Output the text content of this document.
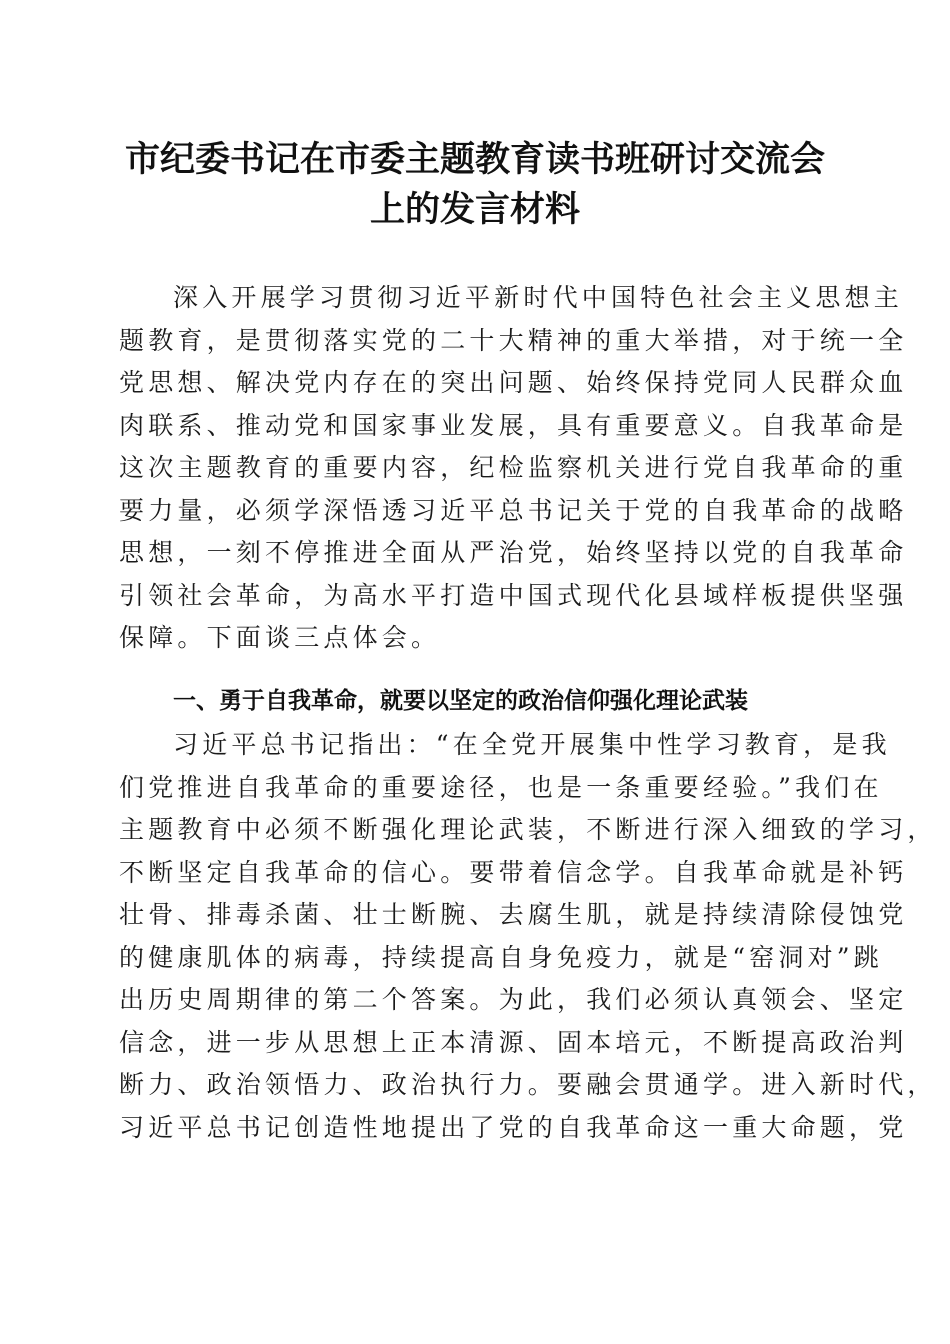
市纪委书记在市委主题教育读书班研讨交流会
上的发言材料
深入开展学习贯彻习近平新时代中国特色社会主义思想主
题教育，是贯彻落实党的二十大精神的重大举措，对于统一全
党思想、解决党内存在的突出问题、始终保持党同人民群众血
肉联系、推动党和国家事业发展，具有重要意义。自我革命是
这次主题教育的重要内容，纪检监察机关进行党自我革命的重
要力量，必须学深悟透习近平总书记关于党的自我革命的战略
思想，一刻不停推进全面从严治党，始终坚持以党的自我革命
引领社会革命，为高水平打造中国式现代化县域样板提供坚强
保障。下面谈三点体会。
一、勇于自我革命，就要以坚定的政治信仰强化理论武装
习近平总书记指出：“在全党开展集中性学习教育，是我
们党推进自我革命的重要途径，也是一条重要经验。”我们在
主题教育中必须不断强化理论武装，不断进行深入细致的学习，
不断坚定自我革命的信心。要带着信念学。自我革命就是补钙
壮骨、排毒杀菌、壮士断腕、去腐生肌，就是持续清除侵蚀党
的健康肌体的病毒，持续提高自身免疫力，就是“窑洞对”跳
出历史周期律的第二个答案。为此，我们必须认真领会、坚定
信念，进一步从思想上正本清源、固本培元，不断提高政治判
断力、政治领悟力、政治执行力。要融会贯通学。进入新时代，
习近平总书记创造性地提出了党的自我革命这一重大命题，党
